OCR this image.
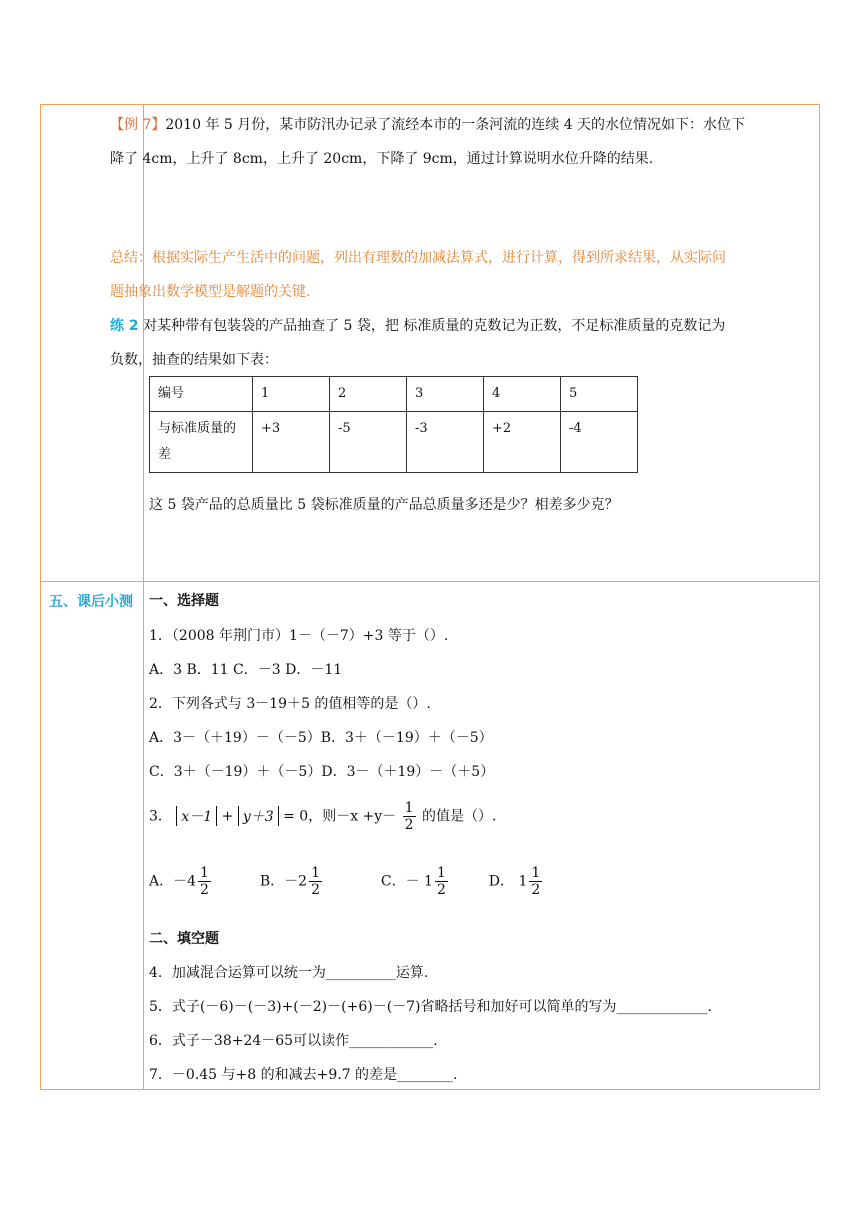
五、课后小测
【例 7】2010 年 5 月份，某市防汛办记录了流经本市的一条河流的连续 4 天的水位情况如下：水位下
降了 4cm，上升了 8cm，上升了 20cm，下降了 9cm，通过计算说明水位升降的结果.
总结：根据实际生产生活中的问题，列出有理数的加减法算式，进行计算，得到所求结果，从实际问
题抽象出数学模型是解题的关键.
练 2 对某种带有包装袋的产品抽查了 5 袋，把 标准质量的克数记为正数，不足标准质量的克数记为
负数，抽查的结果如下表：
编号	1	2	3	4	5
与标准质量的差	+3	-5	-3	+2	-4
这 5 袋产品的总质量比 5 袋标准质量的产品总质量多还是少？相差多少克？
一、选择题
1．（2008 年荆门市）1－（－7）+3 等于（）.
A．3 B．11 C．－3 D．－11
2．下列各式与 3－19＋5 的值相等的是（）.
A．3－（＋19）－（－5）B．3＋（－19）＋（－5）
C．3＋（－19）＋（－5）D．3－（＋19）－（＋5）
3． x－1 + y＋3 = 0，则$-x +y- \frac{1}{2}$ 的值是（）.
A．$-4 \frac{1}{2}$	B．$-2 \frac{1}{2}$	C．－ $1 \frac{1}{2}$	D． $1 \frac{1}{2}$
二、填空题
4．加减混合运算可以统一为__________运算.
5．式子(－6)－(－3)+(－2)－(+6)－(－7)省略括号和加好可以简单的写为_____________.
6．式子－38+24－65可以读作____________.
7．－0.45 与+8 的和减去+9.7 的差是________.
